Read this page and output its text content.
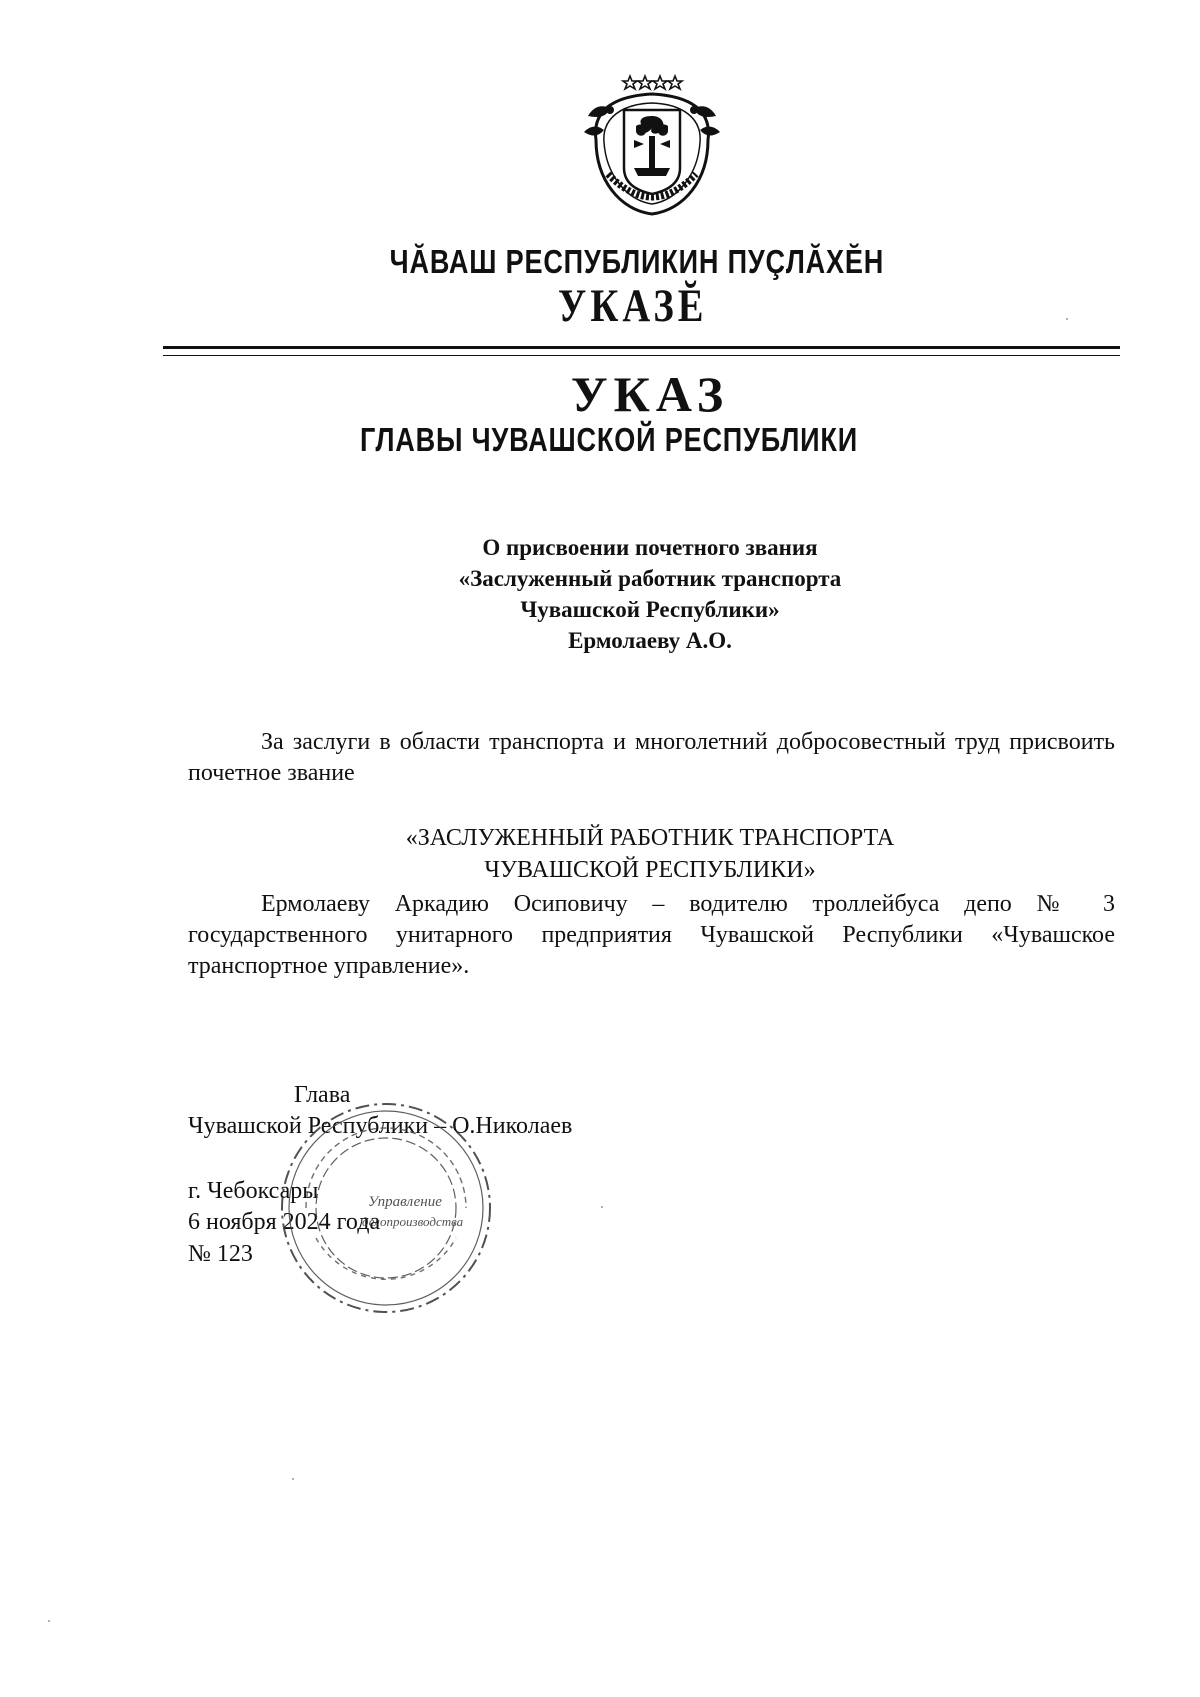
ЧĂВАШ РЕСПУБЛИКИН ПУÇЛĂХĔН
УКАЗĔ
УКАЗ
ГЛАВЫ ЧУВАШСКОЙ РЕСПУБЛИКИ
О присвоении почетного звания
«Заслуженный работник транспорта
Чувашской Республики»
Ермолаеву А.О.
За заслуги в области транспорта и многолетний добросовестный труд присвоить почетное звание
«ЗАСЛУЖЕННЫЙ РАБОТНИК ТРАНСПОРТА
ЧУВАШСКОЙ РЕСПУБЛИКИ»
Ермолаеву Аркадию Осиповичу – водителю троллейбуса депо № 3 государственного унитарного предприятия Чувашской Республики «Чувашское транспортное управление».
Глава
Чувашской Республики – О.Николаев
г. Чебоксары
6 ноября 2024 года
№ 123
Управление
делопроизводства
